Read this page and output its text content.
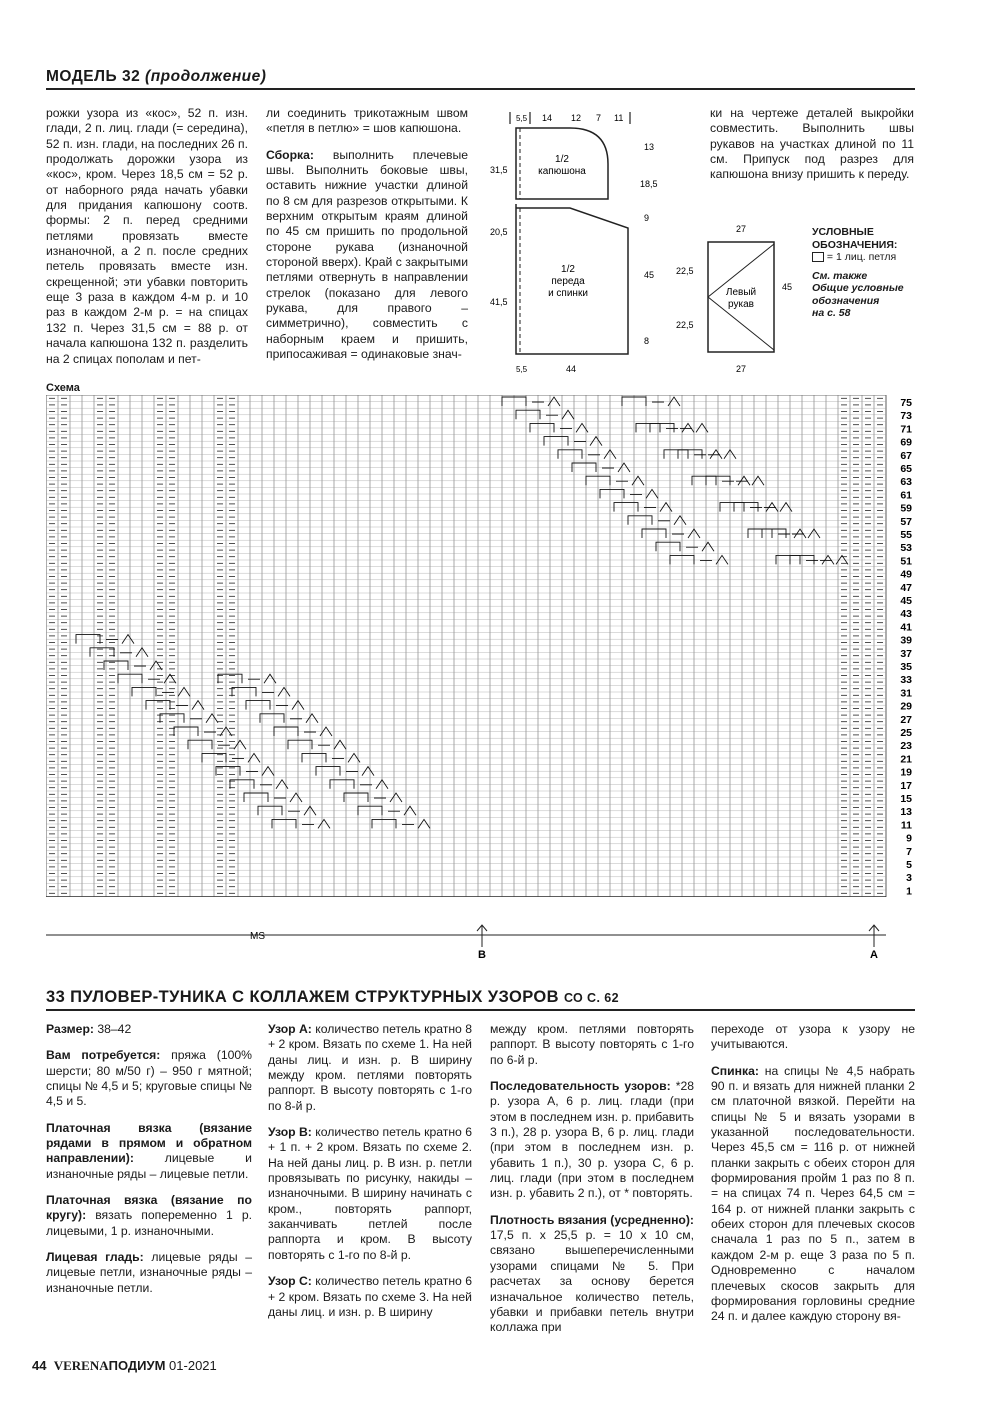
МОДЕЛЬ 32 (продолжение)
рожки узора из «кос», 52 п. изн. глади, 2 п. лиц. глади (= середина), 52 п. изн. глади, на последних 26 п. продолжать дорожки узора из «кос», кром. Через 18,5 см = 52 р. от наборного ряда начать убавки для придания капюшону соотв. формы: 2 п. перед средними петлями провязать вместе изнаночной, а 2 п. после средних петель провязать вместе изн. скрещенной; эти убавки повторить еще 3 раза в каждом 4-м р. и 10 раз в каждом 2-м р. = на спицах 132 п. Через 31,5 см = 88 р. от начала капюшона 132 п. разделить на 2 спицах пополам и пет-

ли соединить трикотажным швом «петля в петлю» = шов капюшона.

Сборка: выполнить плечевые швы. Выполнить боковые швы, оставить нижние участки длиной по 8 см для разрезов открытыми. К верхним открытым краям длиной по 45 см пришить по продольной стороне рукава (изнаночной стороной вверх). Край с закрытыми петлями отвернуть в направлении стрелок (показано для левого рукава, для правого – симметрично), совместить с наборным краем и пришить, припосаживая = одинаковые знач-

ки на чертеже деталей выкройки совместить. Выполнить швы рукавов на участках длиной по 11 см. Припуск под разрез для капюшона внизу пришить к переду.
5,5 14 12 7 11
1/2
капюшона
1/2
переда
и спинки
31,5
20,5
41,5
13
18,5
9
45
8
5,5	44
Левый
рукав
27
27
22,5
22,5
45
УСЛОВНЫЕ
ОБОЗНАЧЕНИЯ:
= 1 лиц. петля
См. также
Общие условные
обозначения
на с. 58
Схема
75
73
71
69
67
65
63
61
59
57
55
53
51
49
47
45
43
41
39
37
35
33
31
29
27
25
23
21
19
17
15
13
11
9
7
5
3
1
MS
B	A
33 ПУЛОВЕР-ТУНИКА С КОЛЛАЖЕМ СТРУКТУРНЫХ УЗОРОВ СО С. 62

Размер: 38–42

Вам потребуется: пряжа (100% шерсти; 80 м/50 г) – 950 г мятной; спицы № 4,5 и 5; круговые спицы № 4,5 и 5.

Платочная вязка (вязание рядами в прямом и обратном направлении): лицевые и изнаночные ряды – лицевые петли.

Платочная вязка (вязание по кругу): вязать попеременно 1 р. лицевыми, 1 р. изнаночными.

Лицевая гладь: лицевые ряды – лицевые петли, изнаночные ряды – изнаночные петли.

Узор А: количество петель кратно 8 + 2 кром. Вязать по схеме 1. На ней даны лиц. и изн. р. В ширину между кром. петлями повторять раппорт. В высоту повторять с 1-го по 8-й р.

Узор В: количество петель кратно 6 + 1 п. + 2 кром. Вязать по схеме 2. На ней даны лиц. р. В изн. р. петли провязывать по рисунку, накиды – изнаночными. В ширину начинать с кром., повторять раппорт, заканчивать петлей после раппорта и кром. В высоту повторять с 1-го по 8-й р.

Узор С: количество петель кратно 6 + 2 кром. Вязать по схеме 3. На ней даны лиц. и изн. р. В ширину

между кром. петлями повторять раппорт. В высоту повторять с 1-го по 6-й р.

Последовательность узоров: *28 р. узора А, 6 р. лиц. глади (при этом в последнем изн. р. прибавить 3 п.), 28 р. узора В, 6 р. лиц. глади (при этом в последнем изн. р. убавить 1 п.), 30 р. узора С, 6 р. лиц. глади (при этом в последнем изн. р. убавить 2 п.), от * повторять.

Плотность вязания (усредненно): 17,5 п. х 25,5 р. = 10 х 10 см, связано вышеперечисленными узорами спицами № 5. При расчетах за основу берется изначальное количество петель, убавки и прибавки петель внутри коллажа при

переходе от узора к узору не учитываются.

Спинка: на спицы № 4,5 набрать 90 п. и вязать для нижней планки 2 см платочной вязкой. Перейти на спицы № 5 и вязать узорами в указанной последовательности. Через 45,5 см = 116 р. от нижней планки закрыть с обеих сторон для формирования пройм 1 раз по 8 п. = на спицах 74 п. Через 64,5 см = 164 р. от нижней планки закрыть с обеих сторон для плечевых скосов сначала 1 раз по 5 п., затем в каждом 2-м р. еще 3 раза по 5 п. Одновременно с началом плечевых скосов закрыть для формирования горловины средние 24 п. и далее каждую сторону вя-

44 VERENAПОДИУМ 01-2021
